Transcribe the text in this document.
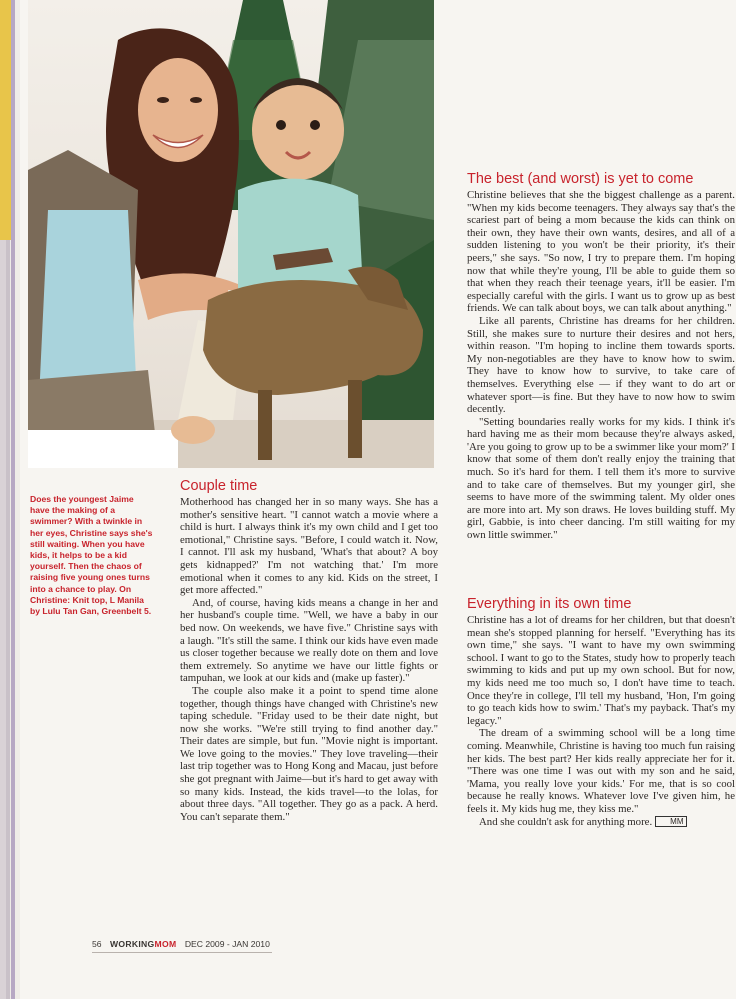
Does the youngest Jaime have the making of a swimmer? With a twinkle in her eyes, Christine says she's still waiting. When you have kids, it helps to be a kid yourself. Then the chaos of raising five young ones turns into a chance to play. On Christine: Knit top, L Manila by Lulu Tan Gan, Greenbelt 5.
Couple time

Motherhood has changed her in so many ways. She has a mother's sensitive heart. "I cannot watch a movie where a child is hurt. I always think it's my own child and I get too emotional," Christine says. "Before, I could watch it. Now, I cannot. I'll ask my husband, 'What's that about? A boy gets kidnapped?' I'm not watching that.' I'm more emotional when it comes to any kid. Kids on the street, I get more affected."

And, of course, having kids means a change in her and her husband's couple time. "Well, we have a baby in our bed now. On weekends, we have five." Christine says with a laugh. "It's still the same. I think our kids have even made us closer together because we really dote on them and love them extremely. So anytime we have our little fights or tampuhan, we look at our kids and (make up faster)."

The couple also make it a point to spend time alone together, though things have changed with Christine's new taping schedule. "Friday used to be their date night, but now she works. "We're still trying to find another day." Their dates are simple, but fun. "Movie night is important. We love going to the movies." They love traveling—their last trip together was to Hong Kong and Macau, just before she got pregnant with Jaime—but it's hard to get away with so many kids. Instead, the kids travel—to the lolas, for about three days. "All together. They go as a pack. A herd. You can't separate them."

The best (and worst) is yet to come

Christine believes that she the biggest challenge as a parent. "When my kids become teenagers. They always say that's the scariest part of being a mom because the kids can think on their own, they have their own wants, desires, and all of a sudden listening to you won't be their priority, it's their peers," she says. "So now, I try to prepare them. I'm hoping now that while they're young, I'll be able to guide them so that when they reach their teenage years, it'll be easier. I'm especially careful with the girls. I want us to grow up as best friends. We can talk about boys, we can talk about anything."

Like all parents, Christine has dreams for her children. Still, she makes sure to nurture their desires and not hers, within reason. "I'm hoping to incline them towards sports. My non-negotiables are they have to know how to swim. They have to know how to survive, to take care of themselves. Everything else — if they want to do art or whatever sport—is fine. But they have to now how to swim decently.

"Setting boundaries really works for my kids. I think it's hard having me as their mom because they're always asked, 'Are you going to grow up to be a swimmer like your mom?' I know that some of them don't really enjoy the training that much. So it's hard for them. I tell them it's more to survive and to take care of themselves. But my younger girl, she seems to have more of the swimming talent. My older ones are more into art. My son draws. He loves building stuff. My girl, Gabbie, is into cheer dancing. I'm still waiting for my own little swimmer."

Everything in its own time

Christine has a lot of dreams for her children, but that doesn't mean she's stopped planning for herself. "Everything has its own time," she says. "I want to have my own swimming school. I want to go to the States, study how to properly teach swimming to kids and put up my own school. But for now, my kids need me too much so, I don't have time to teach. Once they're in college, I'll tell my husband, 'Hon, I'm going to go teach kids how to swim.' That's my payback. That's my legacy."

The dream of a swimming school will be a long time coming. Meanwhile, Christine is having too much fun raising her kids. The best part? Her kids really appreciate her for it. "There was one time I was out with my son and he said, 'Mama, you really love your kids.' For me, that is so cool because he really knows. Whatever love I've given him, he feels it. My kids hug me, they kiss me."

And she couldn't ask for anything more. MM

56 WORKINGMOM DEC 2009 - JAN 2010
